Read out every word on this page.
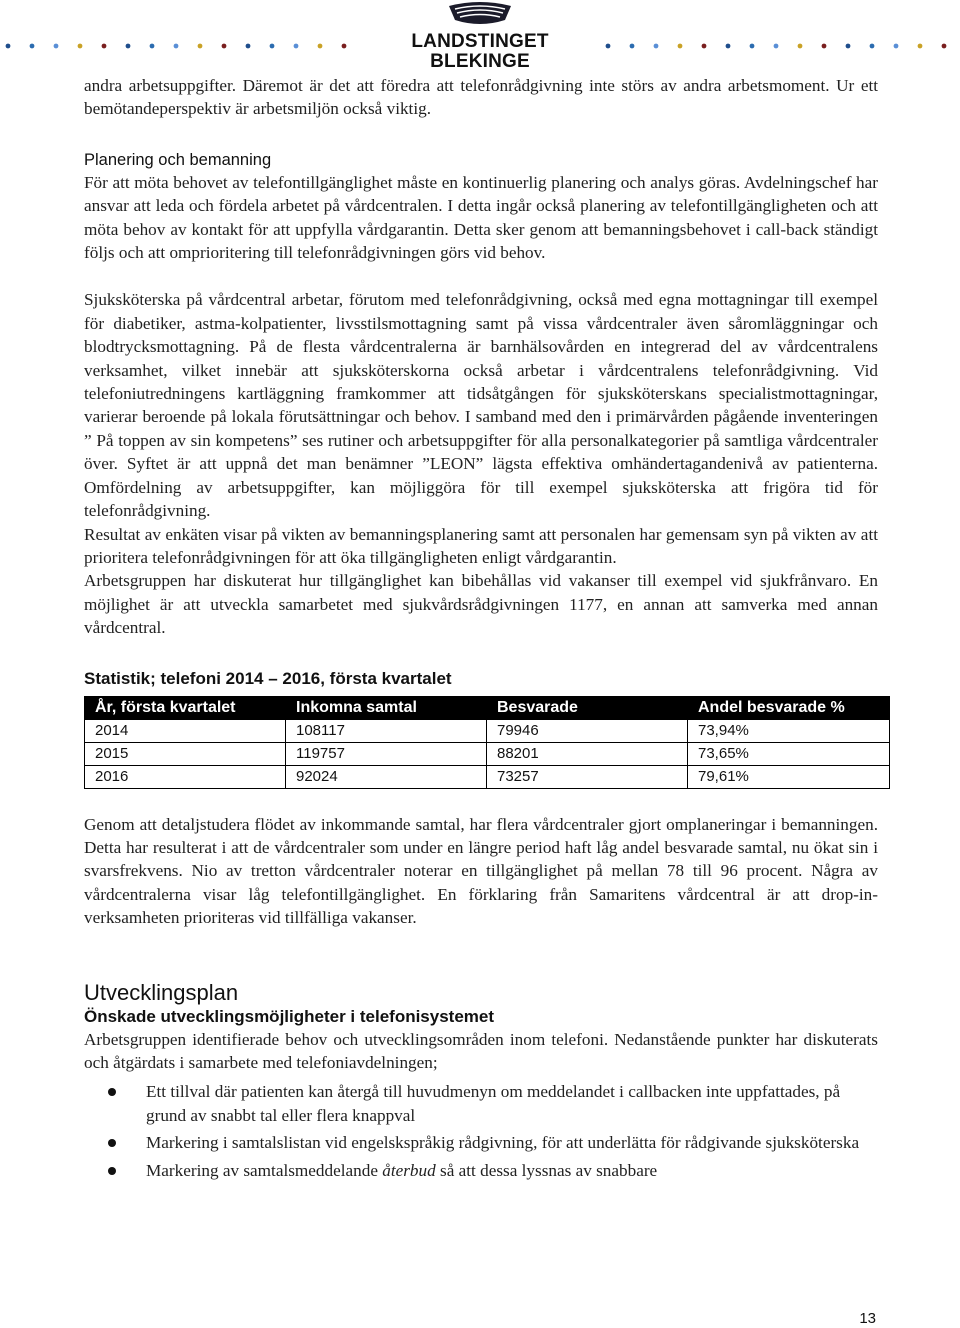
LANDSTINGET BLEKINGE

andra arbetsuppgifter. Däremot är det att föredra att telefonrådgivning inte störs av andra arbetsmoment. Ur ett bemötandeperspektiv är arbetsmiljön också viktig.

Planering och bemanning

För att möta behovet av telefontillgänglighet måste en kontinuerlig planering och analys göras. Avdelningschef har ansvar att leda och fördela arbetet på vårdcentralen. I detta ingår också planering av telefontillgängligheten och att möta behov av kontakt för att uppfylla vårdgarantin. Detta sker genom att bemanningsbehovet i call-back ständigt följs och att omprioritering till telefonrådgivningen görs vid behov.

Sjuksköterska på vårdcentral arbetar, förutom med telefonrådgivning, också med egna mottagningar till exempel för diabetiker, astma-kolpatienter, livsstilsmottagning samt på vissa vårdcentraler även såromläggningar och blodtrycksmottagning. På de flesta vårdcentralerna är barnhälsovården en integrerad del av vårdcentralens verksamhet, vilket innebär att sjuksköterskorna också arbetar i vårdcentralens telefonrådgivning. Vid telefoniutredningens kartläggning framkommer att tidsåtgången för sjuksköterskans specialistmottagningar, varierar beroende på lokala förutsättningar och behov. I samband med den i primärvården pågående inventeringen ” På toppen av sin kompetens” ses rutiner och arbetsuppgifter för alla personalkategorier på samtliga vårdcentraler över. Syftet är att uppnå det man benämner ”LEON” lägsta effektiva omhändertagandenivå av patienterna. Omfördelning av arbetsuppgifter, kan möjliggöra för till exempel sjuksköterska att frigöra tid för telefonrådgivning.

Resultat av enkäten visar på vikten av bemanningsplanering samt att personalen har gemensam syn på vikten av att prioritera telefonrådgivningen för att öka tillgängligheten enligt vårdgarantin.

Arbetsgruppen har diskuterat hur tillgänglighet kan bibehållas vid vakanser till exempel vid sjukfrånvaro. En möjlighet är att utveckla samarbetet med sjukvårdsrådgivningen 1177, en annan att samverka med annan vårdcentral.

Statistik; telefoni 2014 – 2016, första kvartalet
År, första kvartalet	Inkomna samtal	Besvarade	Andel besvarade %
2014	108117	79946	73,94%
2015	119757	88201	73,65%
2016	92024	73257	79,61%

Genom att detaljstudera flödet av inkommande samtal, har flera vårdcentraler gjort omplaneringar i bemanningen. Detta har resulterat i att de vårdcentraler som under en längre period haft låg andel besvarade samtal, nu ökat sin i svarsfrekvens. Nio av tretton vårdcentraler noterar en tillgänglighet på mellan 78 till 96 procent. Några av vårdcentralerna visar låg telefontillgänglighet. En förklaring från Samaritens vårdcentral är att drop-in-verksamheten prioriteras vid tillfälliga vakanser.

Utvecklingsplan
Önskade utvecklingsmöjligheter i telefonisystemet

Arbetsgruppen identifierade behov och utvecklingsområden inom telefoni. Nedanstående punkter har diskuterats och åtgärdats i samarbete med telefoniavdelningen;

Ett tillval där patienten kan återgå till huvudmenyn om meddelandet i callbacken inte uppfattades, på grund av snabbt tal eller flera knappval
Markering i samtalslistan vid engelskspråkig rådgivning, för att underlätta för rådgivande sjuksköterska
Markering av samtalsmeddelande återbud så att dessa lyssnas av snabbare
13
